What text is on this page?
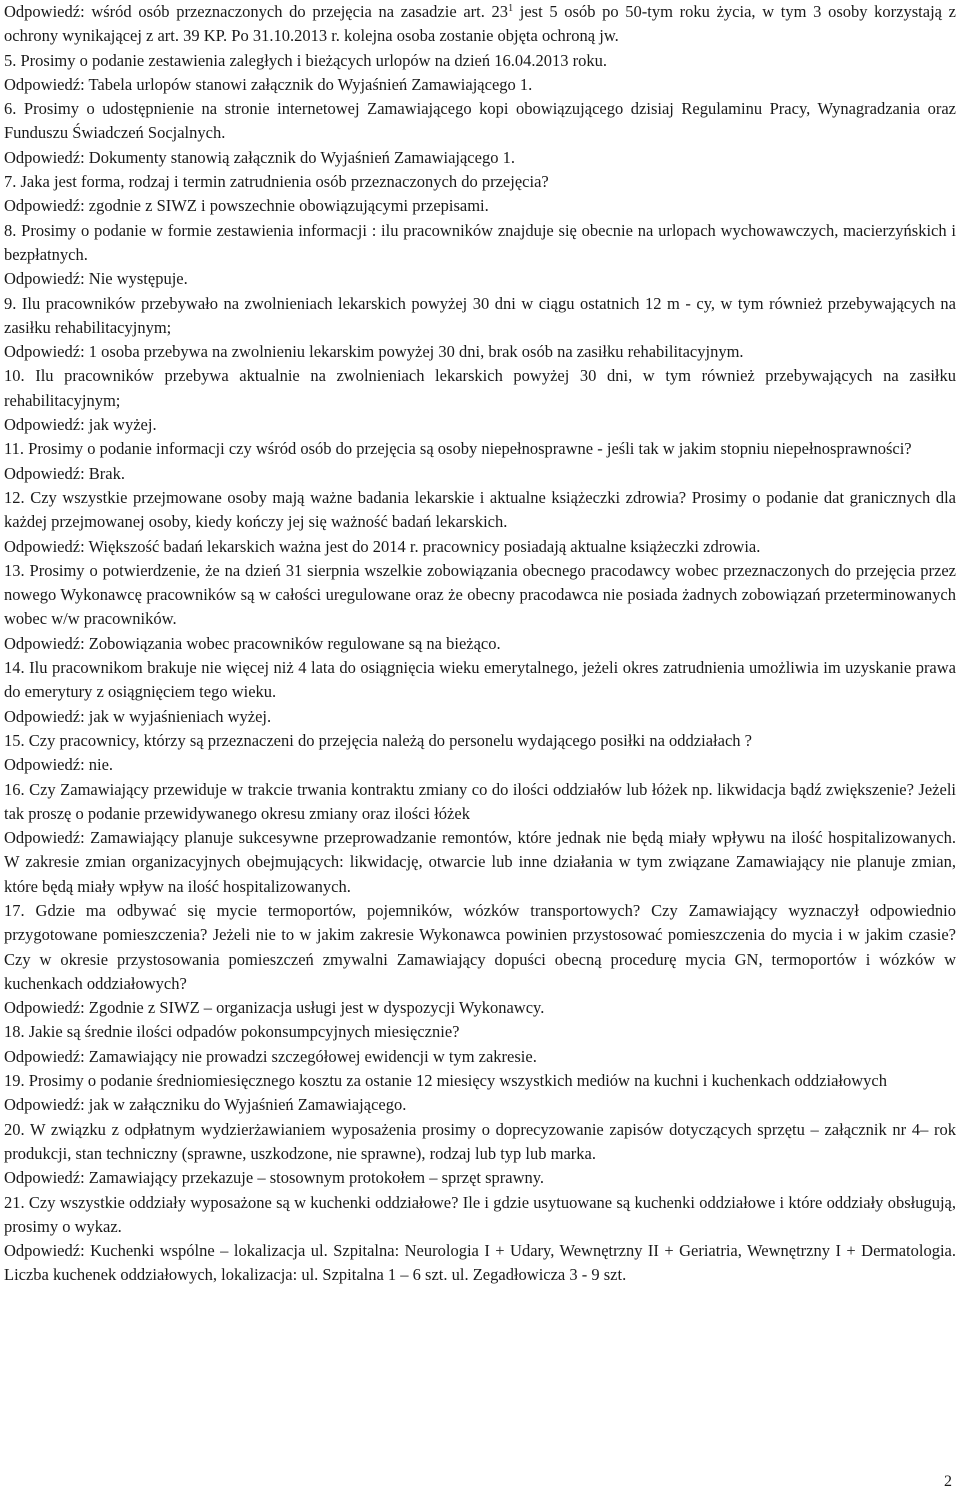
Odpowiedź: wśród osób przeznaczonych do przejęcia na zasadzie art. $23^1$ jest 5 osób po 50-tym roku życia, w tym 3 osoby korzystają z ochrony wynikającej z art. 39 KP. Po 31.10.2013 r. kolejna osoba zostanie objęta ochroną jw.

5. Prosimy o podanie zestawienia zaległych i bieżących urlopów na dzień 16.04.2013 roku.

Odpowiedź: Tabela urlopów stanowi załącznik do Wyjaśnień Zamawiającego 1.

6. Prosimy o udostępnienie na stronie internetowej Zamawiającego kopi obowiązującego dzisiaj Regulaminu Pracy, Wynagradzania oraz Funduszu Świadczeń Socjalnych.

Odpowiedź: Dokumenty stanowią załącznik do Wyjaśnień Zamawiającego 1.

7. Jaka jest forma, rodzaj i termin zatrudnienia osób przeznaczonych do przejęcia?

Odpowiedź: zgodnie z SIWZ i powszechnie obowiązującymi przepisami.

8. Prosimy o podanie w formie zestawienia informacji : ilu pracowników znajduje się obecnie na urlopach wychowawczych, macierzyńskich i bezpłatnych.

Odpowiedź: Nie występuje.

9. Ilu pracowników przebywało na zwolnieniach lekarskich powyżej 30 dni w ciągu ostatnich 12 m - cy, w tym również przebywających na zasiłku rehabilitacyjnym;

Odpowiedź: 1 osoba przebywa na zwolnieniu lekarskim powyżej 30 dni, brak osób na zasiłku rehabilitacyjnym.

10. Ilu pracowników przebywa aktualnie na zwolnieniach lekarskich powyżej 30 dni, w tym również przebywających na zasiłku rehabilitacyjnym;

Odpowiedź: jak wyżej.

11. Prosimy o podanie informacji czy wśród osób do przejęcia są osoby niepełnosprawne - jeśli tak w jakim stopniu niepełnosprawności?

Odpowiedź: Brak.

12. Czy wszystkie przejmowane osoby mają ważne badania lekarskie i aktualne książeczki zdrowia? Prosimy o podanie dat granicznych dla każdej przejmowanej osoby, kiedy kończy jej się ważność badań lekarskich.

Odpowiedź: Większość badań lekarskich ważna jest do 2014 r. pracownicy posiadają aktualne książeczki zdrowia.

13. Prosimy o potwierdzenie, że na dzień 31 sierpnia wszelkie zobowiązania obecnego pracodawcy wobec przeznaczonych do przejęcia przez nowego Wykonawcę pracowników są w całości uregulowane oraz że obecny pracodawca nie posiada żadnych zobowiązań przeterminowanych wobec w/w pracowników.

Odpowiedź: Zobowiązania wobec pracowników regulowane są na bieżąco.

14. Ilu pracownikom brakuje nie więcej niż 4 lata do osiągnięcia wieku emerytalnego, jeżeli okres zatrudnienia umożliwia im uzyskanie prawa do emerytury z osiągnięciem tego wieku.

Odpowiedź: jak w wyjaśnieniach wyżej.

15. Czy pracownicy, którzy są przeznaczeni do przejęcia należą do personelu wydającego posiłki na oddziałach ?

Odpowiedź: nie.

16. Czy Zamawiający przewiduje w trakcie trwania kontraktu zmiany co do ilości oddziałów lub łóżek np. likwidacja bądź zwiększenie? Jeżeli tak proszę o podanie przewidywanego okresu zmiany oraz ilości łóżek

Odpowiedź: Zamawiający planuje sukcesywne przeprowadzanie remontów, które jednak nie będą miały wpływu na ilość hospitalizowanych. W zakresie zmian organizacyjnych obejmujących: likwidację, otwarcie lub inne działania w tym związane Zamawiający nie planuje zmian, które będą miały wpływ na ilość hospitalizowanych.

17. Gdzie ma odbywać się mycie termoportów, pojemników, wózków transportowych? Czy Zamawiający wyznaczył odpowiednio przygotowane pomieszczenia? Jeżeli nie to w jakim zakresie Wykonawca powinien przystosować pomieszczenia do mycia i w jakim czasie? Czy w okresie przystosowania pomieszczeń zmywalni Zamawiający dopuści obecną procedurę mycia GN, termoportów i wózków w kuchenkach oddziałowych?

Odpowiedź: Zgodnie z SIWZ – organizacja usługi jest w dyspozycji Wykonawcy.

18. Jakie są średnie ilości odpadów pokonsumpcyjnych miesięcznie?

Odpowiedź: Zamawiający nie prowadzi szczegółowej ewidencji w tym zakresie.

19. Prosimy o podanie średniomiesięcznego kosztu za ostanie 12 miesięcy wszystkich mediów na kuchni i kuchenkach oddziałowych

Odpowiedź: jak w załączniku do Wyjaśnień Zamawiającego.

20. W związku z odpłatnym wydzierżawianiem wyposażenia prosimy o doprecyzowanie zapisów dotyczących sprzętu – załącznik nr 4– rok produkcji, stan techniczny (sprawne, uszkodzone, nie sprawne), rodzaj lub typ lub marka.

Odpowiedź: Zamawiający przekazuje – stosownym protokołem – sprzęt sprawny.

21. Czy wszystkie oddziały wyposażone są w kuchenki oddziałowe? Ile i gdzie usytuowane są kuchenki oddziałowe i które oddziały obsługują, prosimy o wykaz.

Odpowiedź: Kuchenki wspólne – lokalizacja ul. Szpitalna: Neurologia I + Udary, Wewnętrzny II + Geriatria, Wewnętrzny I + Dermatologia. Liczba kuchenek oddziałowych, lokalizacja: ul. Szpitalna 1 – 6 szt. ul. Zegadłowicza 3 - 9 szt.

2
